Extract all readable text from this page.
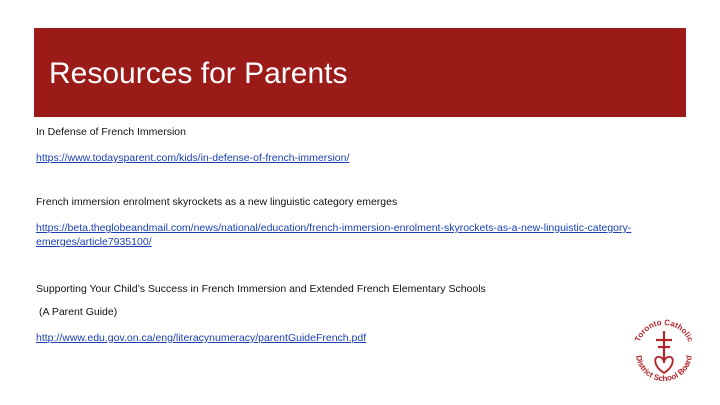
Resources for Parents
In Defense of French Immersion
https://www.todaysparent.com/kids/in-defense-of-french-immersion/
French immersion enrolment skyrockets as a new linguistic category emerges
https://beta.theglobeandmail.com/news/national/education/french-immersion-enrolment-skyrockets-as-a-new-linguistic-category-emerges/article7935100/
Supporting Your Child’s Success in French Immersion and Extended French Elementary Schools
(A Parent Guide)
http://www.edu.gov.on.ca/eng/literacynumeracy/parentGuideFrench.pdf	Toronto Catholic
District School Board
